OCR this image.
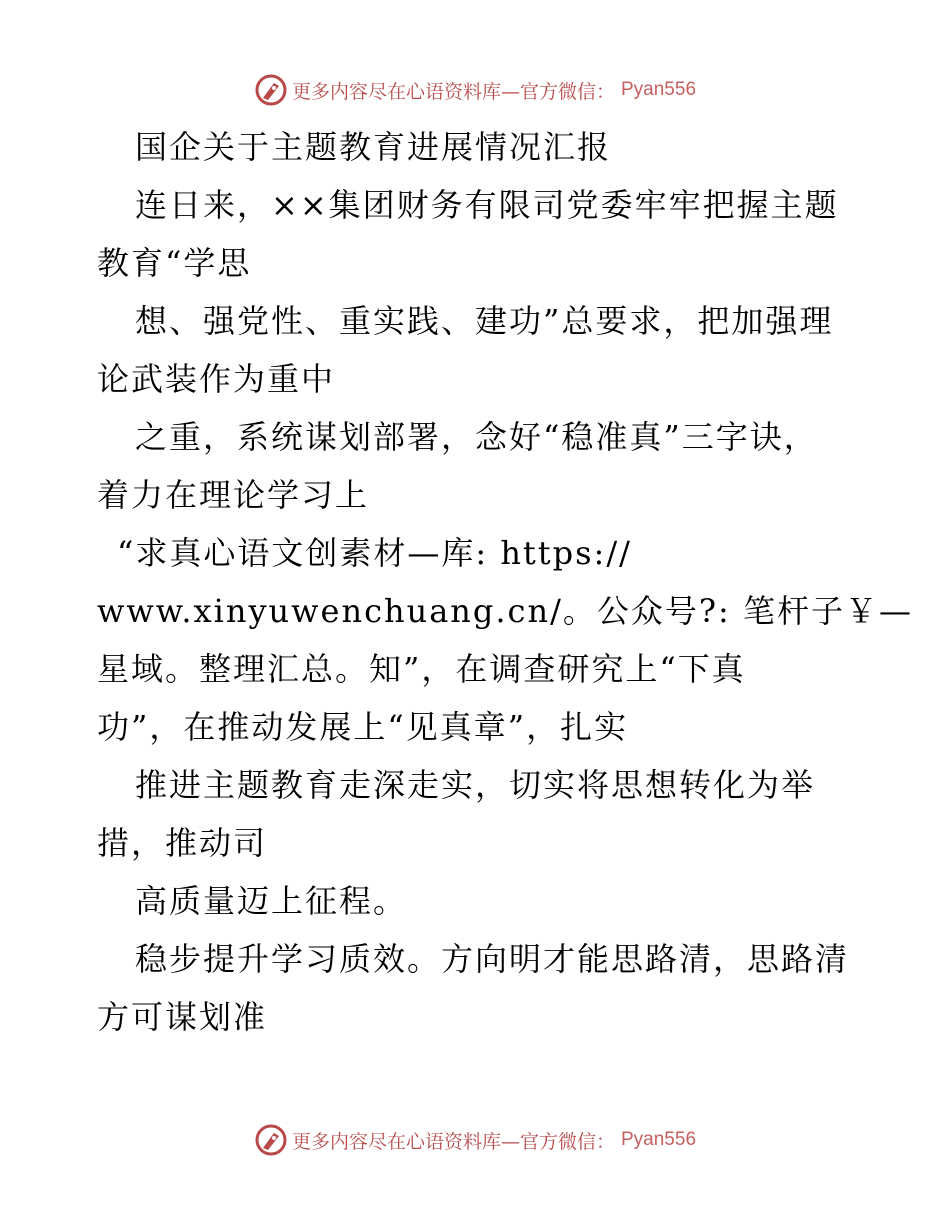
更多内容尽在心语资料库—官方微信： Pyan556
国企关于主题教育进展情况汇报
连日来，××集团财务有限司党委牢牢把握主题
教育“学思
想、强党性、重实践、建功”总要求，把加强理
论武装作为重中
之重，系统谋划部署，念好“稳准真”三字诀，
着力在理论学习上
“求真心语文创素材—库: https://
www.xinyuwenchuang.cn/。公众号?: 笔杆子￥—
星域。整理汇总。知”，在调查研究上“下真
功”，在推动发展上“见真章”，扎实
推进主题教育走深走实，切实将思想转化为举
措，推动司
高质量迈上征程。
稳步提升学习质效。方向明才能思路清，思路清
方可谋划准
更多内容尽在心语资料库—官方微信： Pyan556
